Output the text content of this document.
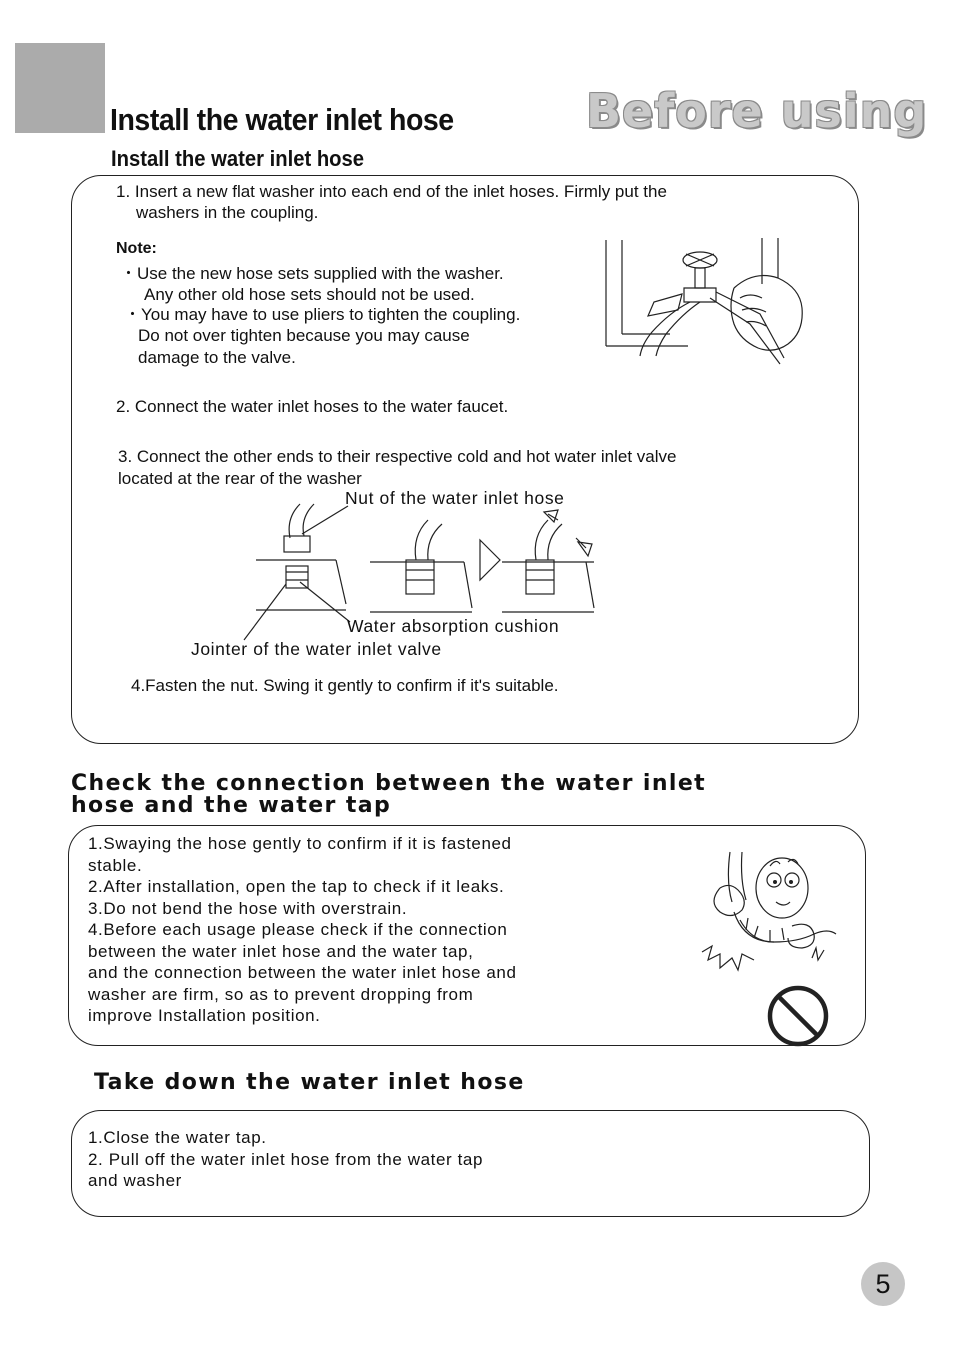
Install the water inlet hose	Before using
Install the water inlet hose
1. Insert a new flat washer into each end of the inlet hoses. Firmly put the
washers in the coupling.
Note:
・Use the new hose sets supplied with the washer.
Any other old hose sets should not be used.
・You may have to use pliers to tighten the coupling.
Do not over tighten because you may cause
damage to the valve.
2. Connect the water inlet hoses to the water faucet.
3. Connect the other ends to their respective cold and hot water inlet valve
located at the rear of the washer
Nut of the water inlet hose
Water absorption cushion
Jointer of the water inlet valve
4.Fasten the nut. Swing it gently to confirm if it's suitable.
Check the connection between the water inlet
hose and the water tap
1.Swaying the hose gently to confirm if it is fastened
stable.
2.After installation, open the tap to check if it leaks.
3.Do not bend the hose with overstrain.
4.Before each usage please check if the connection
between the water inlet hose and the water tap,
and the connection between the water inlet hose and
washer are firm, so as to prevent dropping from
improve Installation position.
Take down the water inlet hose
1.Close the water tap.
2. Pull off the water inlet hose from the water tap
and washer
5
